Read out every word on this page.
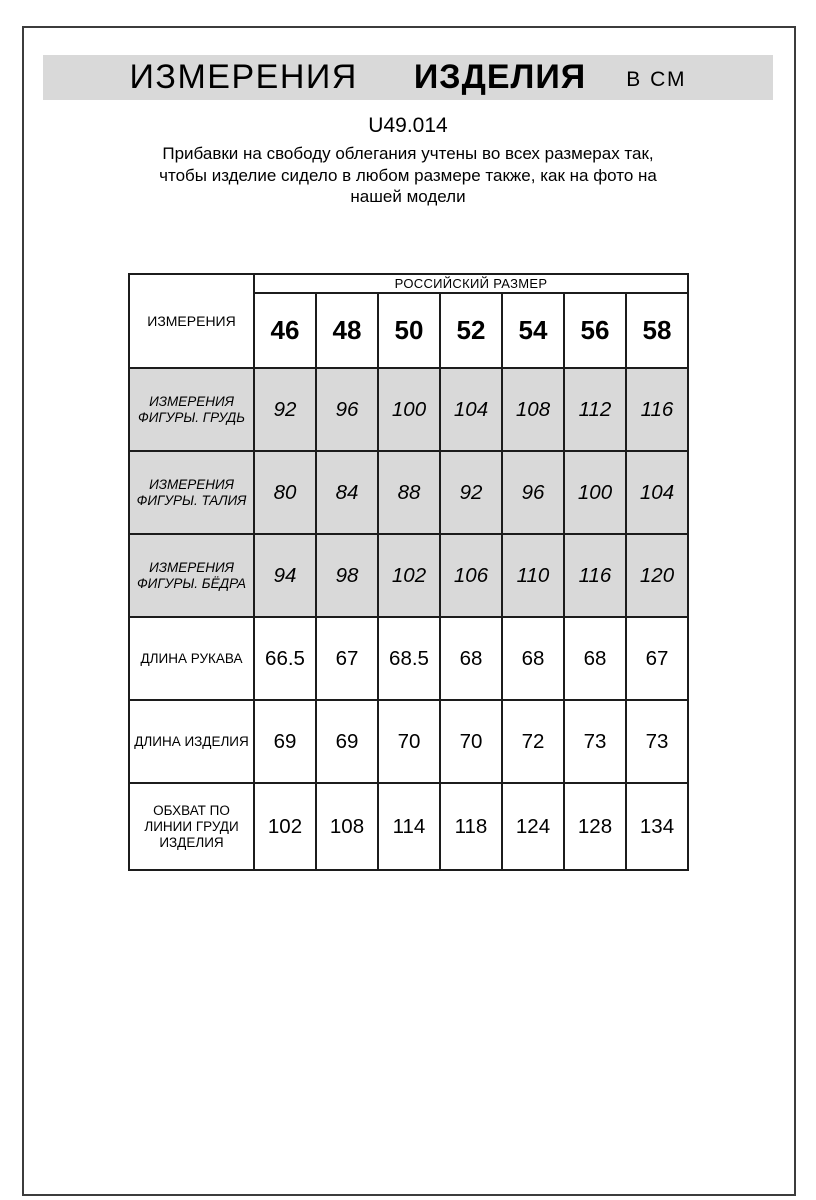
ИЗМЕРЕНИЯ ИЗДЕЛИЯ В СМ
U49.014
Прибавки на свободу облегания учтены во всех размерах так,
чтобы изделие сидело в любом размере также, как на фото на
нашей модели
ИЗМЕРЕНИЯ	РОССИЙСКИЙ РАЗМЕР						
	46	48	50	52	54	56	58
ИЗМЕРЕНИЯ ФИГУРЫ. ГРУДЬ	92	96	100	104	108	112	116
ИЗМЕРЕНИЯ ФИГУРЫ. ТАЛИЯ	80	84	88	92	96	100	104
ИЗМЕРЕНИЯ ФИГУРЫ. БЁДРА	94	98	102	106	110	116	120
ДЛИНА РУКАВА	66.5	67	68.5	68	68	68	67
ДЛИНА ИЗДЕЛИЯ	69	69	70	70	72	73	73
ОБХВАТ ПО ЛИНИИ ГРУДИ ИЗДЕЛИЯ	102	108	114	118	124	128	134
